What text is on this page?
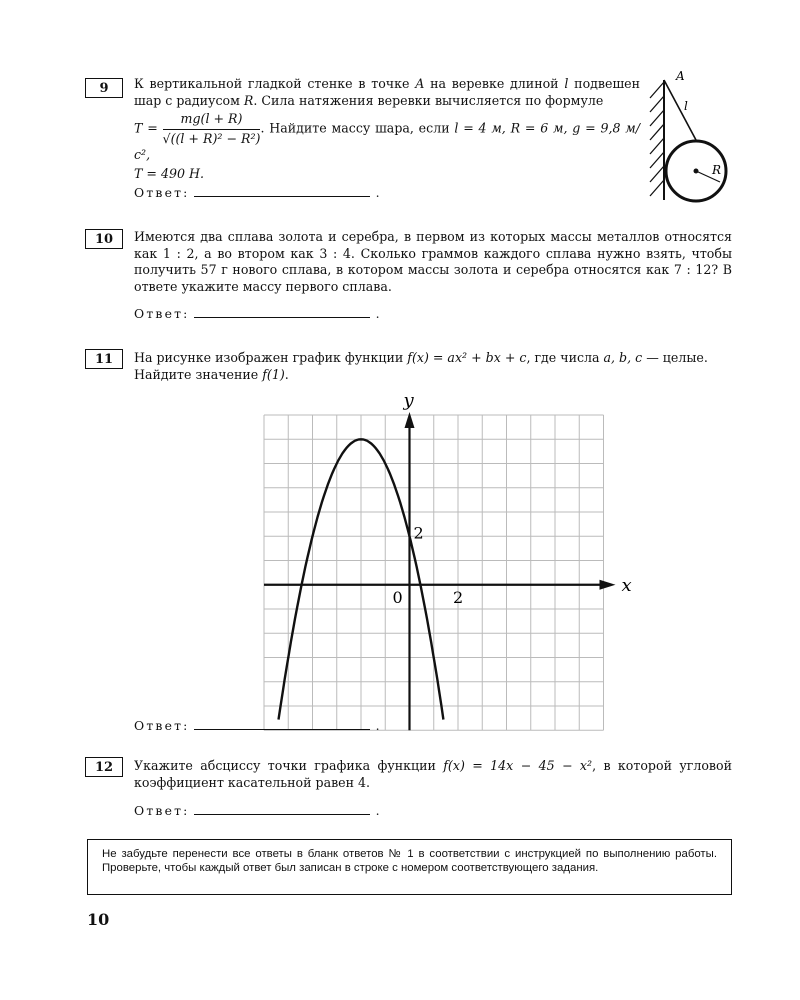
9	К вертикальной гладкой стенке в точке A на веревке длиной l подвешен шар с радиусом R. Сила натяжения веревки вычисляется по формуле

$T = \frac{mg(l + R)}{\text{√((l + R)² − R²)}}$ . Найдите массу шара, если l = 4 м, R = 6 м, g = 9,8 м/с²,

T = 490 Н.

A
l
R
Ответ:	.
10	Имеются два сплава золота и серебра, в первом из которых массы металлов относятся как 1 : 2, а во втором как 3 : 4. Сколько граммов каждого сплава нужно взять, чтобы получить 57 г нового сплава, в котором массы золота и серебра относятся как 7 : 12? В ответе укажите массу первого сплава.

Ответ:	.
11	На рисунке изображен график функции f(x) = ax² + bx + c, где числа a, b, c — целые.

Найдите значение f(1).

y
x
0	2
2
Ответ:	.
12	Укажите абсциссу точки графика функции f(x) = 14x − 45 − x², в которой угловой коэффициент касательной равен 4.

Ответ:	.
Не забудьте перенести все ответы в бланк ответов № 1 в соответствии с инструкцией по выполнению работы. Проверьте, чтобы каждый ответ был записан в строке с номером соответствующего задания.
10
